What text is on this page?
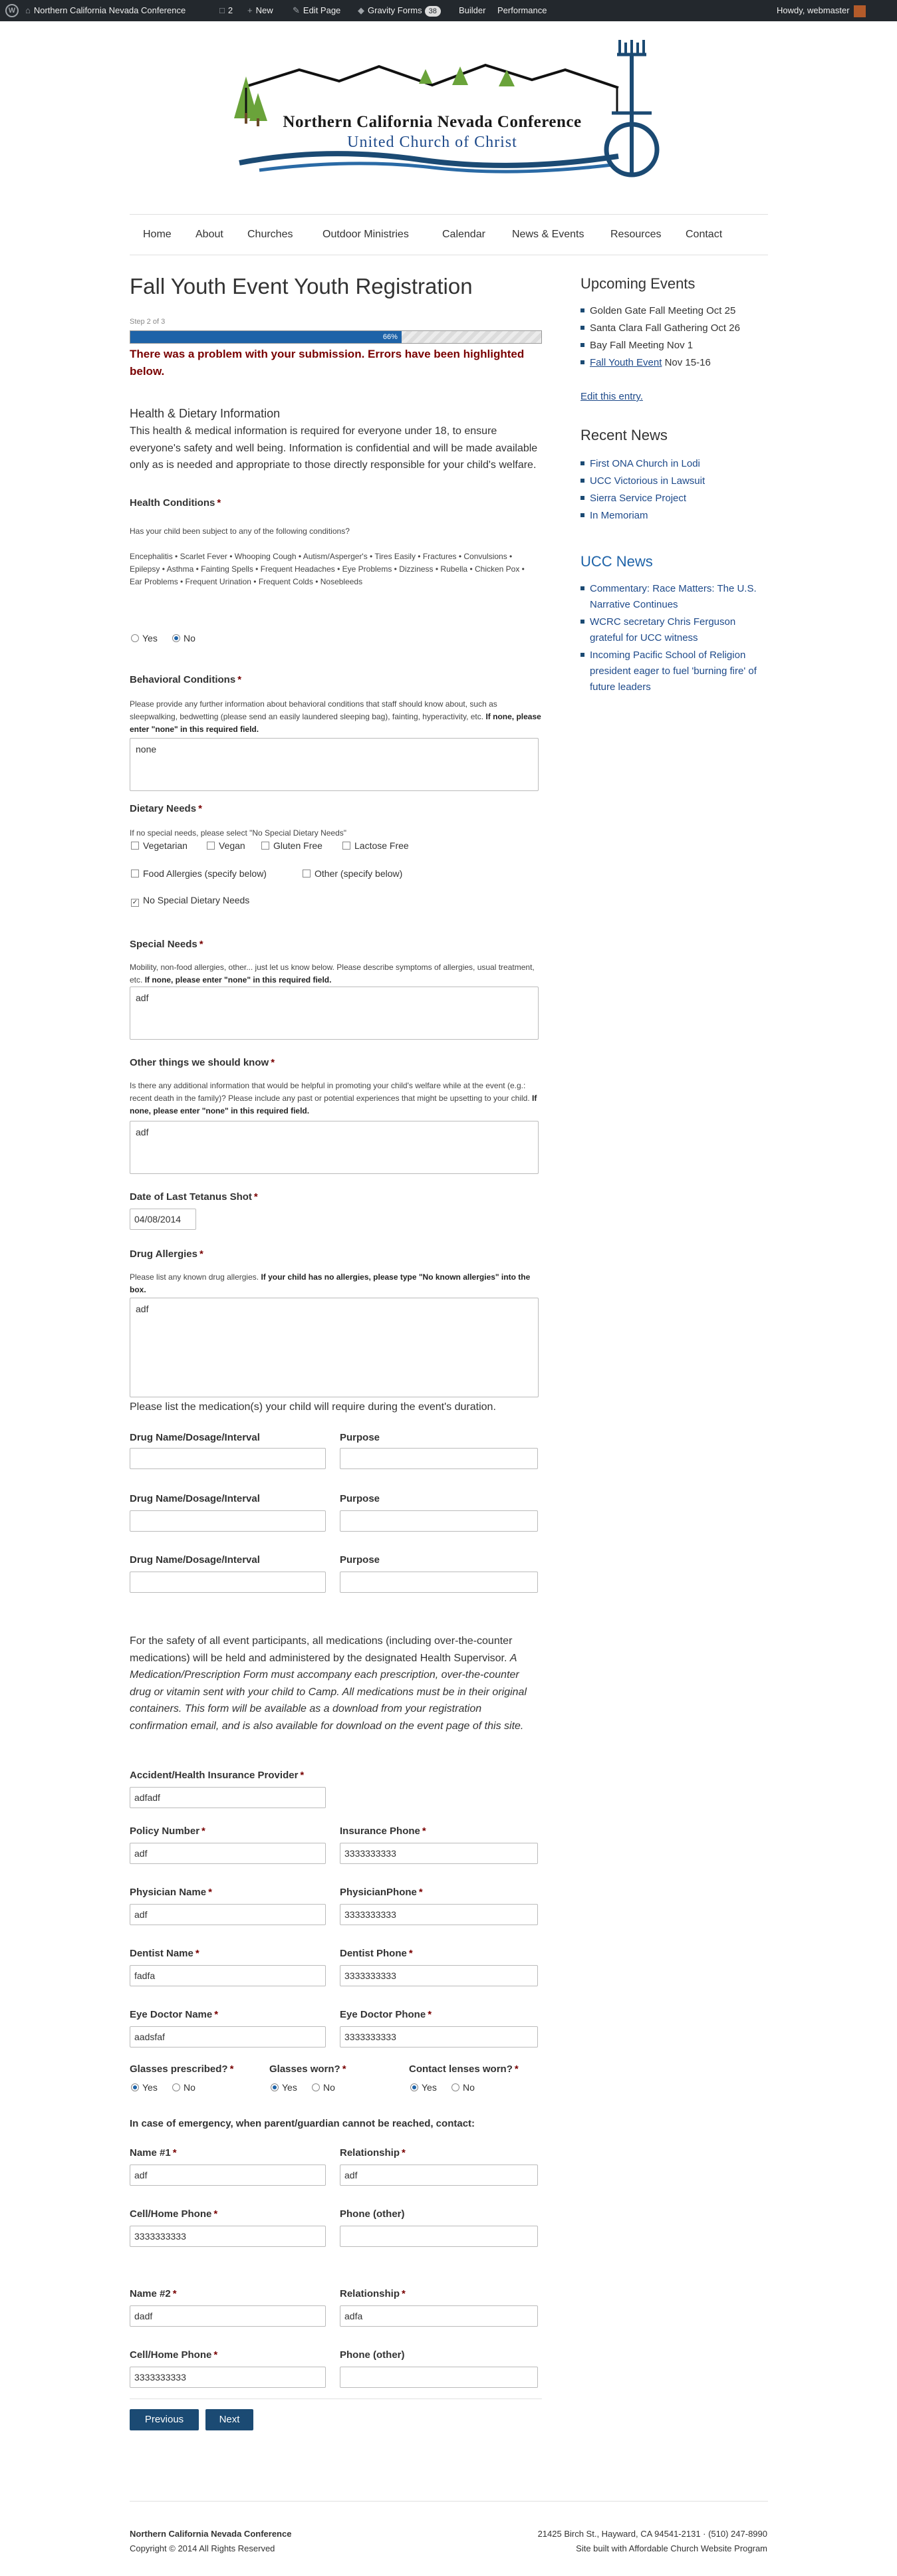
W	⌂ Northern California Nevada Conference	□ 2 + New ✎ Edit Page ◆ Gravity Forms 38	Builder Performance	Howdy, webmaster
Northern California Nevada Conference
United Church of Christ
Home About Churches	Outdoor Ministries	Calendar	News & Events Resources Contact
Fall Youth Event Youth Registration
Step 2 of 3
66%
There was a problem with your submission. Errors have been highlighted below.
Health & Dietary Information
This health & medical information is required for everyone under 18, to ensure everyone's safety and well being. Information is confidential and will be made available only as is needed and appropriate to those directly responsible for your child's welfare.
Health Conditions *
Has your child been subject to any of the following conditions?
Encephalitis • Scarlet Fever • Whooping Cough • Autism/Asperger's • Tires Easily • Fractures • Convulsions • Epilepsy • Asthma • Fainting Spells • Frequent Headaches • Eye Problems • Dizziness • Rubella • Chicken Pox • Ear Problems • Frequent Urination • Frequent Colds • Nosebleeds
Yes	No
Behavioral Conditions *
Please provide any further information about behavioral conditions that staff should know about, such as sleepwalking, bedwetting (please send an easily laundered sleeping bag), fainting, hyperactivity, etc. If none, please enter "none" in this required field.
none
Dietary Needs *
If no special needs, please select "No Special Dietary Needs"
Vegetarian	Vegan	Gluten Free	Lactose Free
Food Allergies (specify below)	Other (specify below)
✓ No Special Dietary Needs
Special Needs *
Mobility, non-food allergies, other... just let us know below. Please describe symptoms of allergies, usual treatment, etc. If none, please enter "none" in this required field.
adf
Other things we should know *
Is there any additional information that would be helpful in promoting your child's welfare while at the event (e.g.: recent death in the family)? Please include any past or potential experiences that might be upsetting to your child. If none, please enter "none" in this required field.
adf
Date of Last Tetanus Shot *
04/08/2014
Drug Allergies *
Please list any known drug allergies. If your child has no allergies, please type "No known allergies" into the box.
adf
Please list the medication(s) your child will require during the event's duration.
Drug Name/Dosage/Interval	Purpose
Drug Name/Dosage/Interval	Purpose
Drug Name/Dosage/Interval	Purpose
For the safety of all event participants, all medications (including over-the-counter medications) will be held and administered by the designated Health Supervisor. A Medication/Prescription Form must accompany each prescription, over-the-counter drug or vitamin sent with your child to Camp. All medications must be in their original containers. This form will be available as a download from your registration confirmation email, and is also available for download on the event page of this site.
Accident/Health Insurance Provider *
adfadf
Policy Number *	Insurance Phone *
adf	3333333333
Physician Name *	PhysicianPhone *
adf	3333333333
Dentist Name *	Dentist Phone *
fadfa	3333333333
Eye Doctor Name *	Eye Doctor Phone *
aadsfaf	3333333333
Glasses prescribed? *
Yes	No
Glasses worn? *
Yes	No
Contact lenses worn? *
Yes	No
In case of emergency, when parent/guardian cannot be reached, contact:
Name #1 *	Relationship *
adf	adf
Cell/Home Phone *	Phone (other)
3333333333
Name #2 *	Relationship *
dadf	adfa
Cell/Home Phone *	Phone (other)
3333333333
Previous	Next
Upcoming Events
Golden Gate Fall Meeting Oct 25
Santa Clara Fall Gathering Oct 26
Bay Fall Meeting Nov 1
Fall Youth Event Nov 15-16
Edit this entry.
Recent News
First ONA Church in Lodi
UCC Victorious in Lawsuit
Sierra Service Project
In Memoriam
UCC News
Commentary: Race Matters: The U.S. Narrative Continues
WCRC secretary Chris Ferguson grateful for UCC witness
Incoming Pacific School of Religion president eager to fuel 'burning fire' of future leaders
Northern California Nevada Conference
Copyright © 2014 All Rights Reserved
21425 Birch St., Hayward, CA 94541-2131 · (510) 247-8990
Site built with Affordable Church Website Program
